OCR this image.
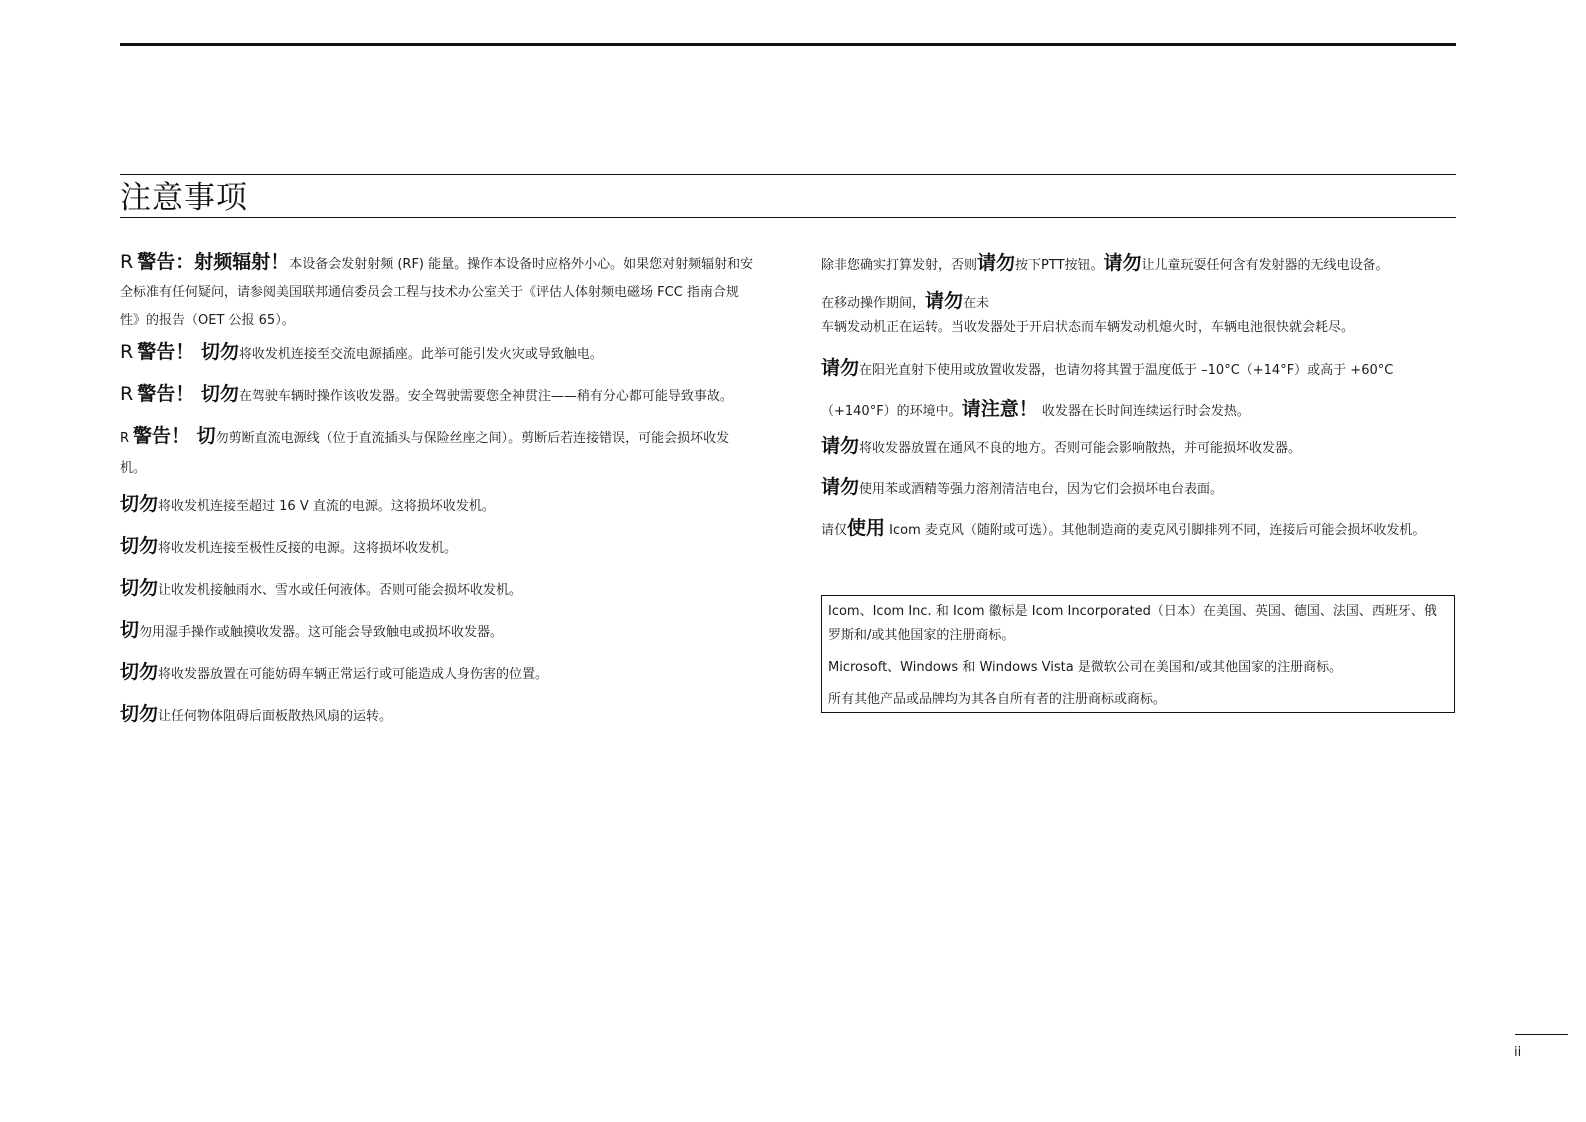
注意事项

R 警告：射频辐射！本设备会发射射频 (RF) 能量。操作本设备时应格外小心。如果您对射频辐射和安全标准有任何疑问，请参阅美国联邦通信委员会工程与技术办公室关于《评估人体射频电磁场 FCC 指南合规性》的报告（OET 公报 65）。

R 警告！ 切勿将收发机连接至交流电源插座。此举可能引发火灾或导致触电。

R 警告！ 切勿在驾驶车辆时操作该收发器。安全驾驶需要您全神贯注——稍有分心都可能导致事故。

R 警告！ 切勿剪断直流电源线（位于直流插头与保险丝座之间）。剪断后若连接错误，可能会损坏收发机。

切勿将收发机连接至超过 16 V 直流的电源。这将损坏收发机。

切勿将收发机连接至极性反接的电源。这将损坏收发机。

切勿让收发机接触雨水、雪水或任何液体。否则可能会损坏收发机。

切勿用湿手操作或触摸收发器。这可能会导致触电或损坏收发器。

切勿将收发器放置在可能妨碍车辆正常运行或可能造成人身伤害的位置。

切勿让任何物体阻碍后面板散热风扇的运转。

除非您确实打算发射，否则请勿按下PTT按钮。请勿让儿童玩耍任何含有发射器的无线电设备。

在移动操作期间，请勿在未
车辆发动机正在运转。当收发器处于开启状态而车辆发动机熄火时，车辆电池很快就会耗尽。

请勿在阳光直射下使用或放置收发器，也请勿将其置于温度低于 –10°C（+14°F）或高于 +60°C（+140°F）的环境中。请注意！ 收发器在长时间连续运行时会发热。

请勿将收发器放置在通风不良的地方。否则可能会影响散热，并可能损坏收发器。

请勿使用苯或酒精等强力溶剂清洁电台，因为它们会损坏电台表面。

请仅使用 Icom 麦克风（随附或可选）。其他制造商的麦克风引脚排列不同，连接后可能会损坏收发机。

Icom、Icom Inc. 和 Icom 徽标是 Icom Incorporated（日本）在美国、英国、德国、法国、西班牙、俄罗斯和/或其他国家的注册商标。

Microsoft、Windows 和 Windows Vista 是微软公司在美国和/或其他国家的注册商标。

所有其他产品或品牌均为其各自所有者的注册商标或商标。

ii
